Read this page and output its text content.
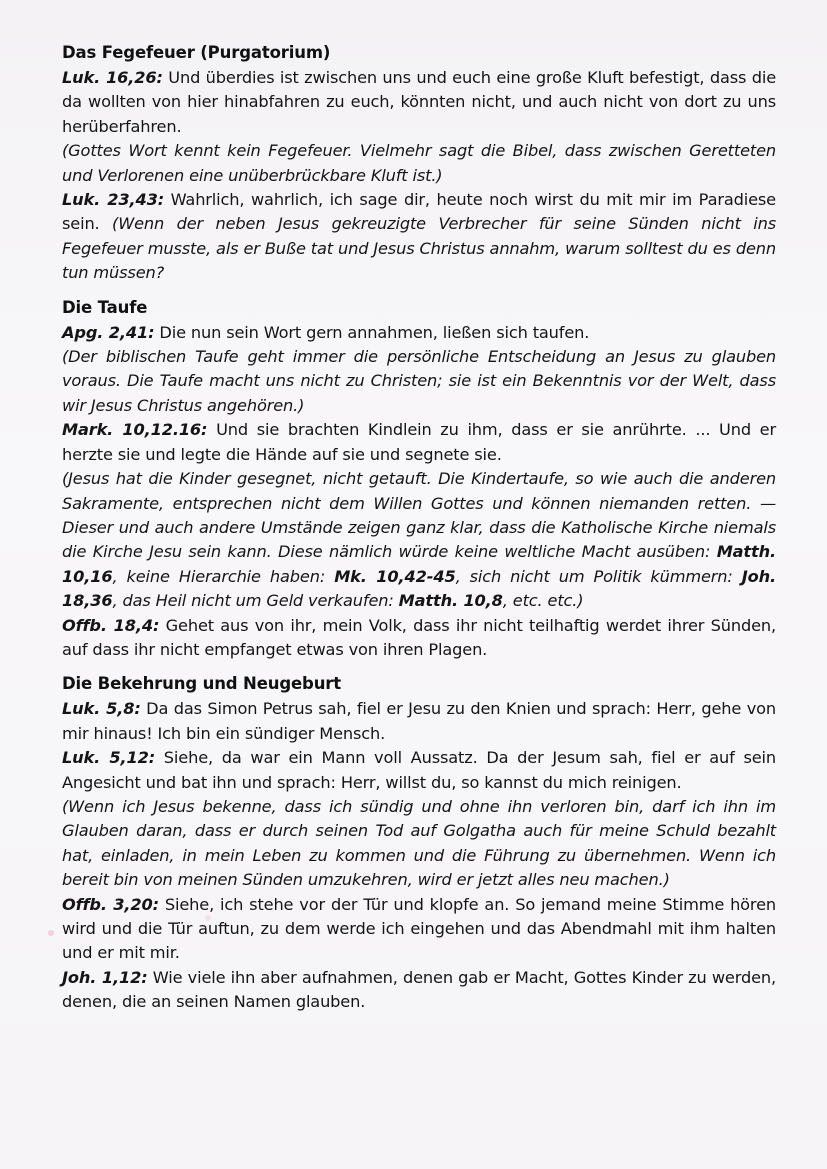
Das Fegefeuer (Purgatorium)

Luk. 16,26: Und überdies ist zwischen uns und euch eine große Kluft befestigt, dass die da wollten von hier hinabfahren zu euch, könnten nicht, und auch nicht von dort zu uns herüberfahren.

(Gottes Wort kennt kein Fegefeuer. Vielmehr sagt die Bibel, dass zwischen Geretteten und Verlorenen eine unüberbrückbare Kluft ist.)

Luk. 23,43: Wahrlich, wahrlich, ich sage dir, heute noch wirst du mit mir im Paradiese sein. (Wenn der neben Jesus gekreuzigte Verbrecher für seine Sünden nicht ins Fegefeuer musste, als er Buße tat und Jesus Christus annahm, warum solltest du es denn tun müssen?

Die Taufe

Apg. 2,41: Die nun sein Wort gern annahmen, ließen sich taufen.

(Der biblischen Taufe geht immer die persönliche Entscheidung an Jesus zu glauben voraus. Die Taufe macht uns nicht zu Christen; sie ist ein Bekenntnis vor der Welt, dass wir Jesus Christus angehören.)

Mark. 10,12.16: Und sie brachten Kindlein zu ihm, dass er sie anrührte. ... Und er herzte sie und legte die Hände auf sie und segnete sie.

(Jesus hat die Kinder gesegnet, nicht getauft. Die Kindertaufe, so wie auch die anderen Sakramente, entsprechen nicht dem Willen Gottes und können niemanden retten. — Dieser und auch andere Umstände zeigen ganz klar, dass die Katholische Kirche niemals die Kirche Jesu sein kann. Diese nämlich würde keine weltliche Macht ausüben: Matth. 10,16, keine Hierarchie haben: Mk. 10,42-45, sich nicht um Politik kümmern: Joh. 18,36, das Heil nicht um Geld verkaufen: Matth. 10,8, etc. etc.)

Offb. 18,4: Gehet aus von ihr, mein Volk, dass ihr nicht teilhaftig werdet ihrer Sünden, auf dass ihr nicht empfanget etwas von ihren Plagen.

Die Bekehrung und Neugeburt

Luk. 5,8: Da das Simon Petrus sah, fiel er Jesu zu den Knien und sprach: Herr, gehe von mir hinaus! Ich bin ein sündiger Mensch.

Luk. 5,12: Siehe, da war ein Mann voll Aussatz. Da der Jesum sah, fiel er auf sein Angesicht und bat ihn und sprach: Herr, willst du, so kannst du mich reinigen.

(Wenn ich Jesus bekenne, dass ich sündig und ohne ihn verloren bin, darf ich ihn im Glauben daran, dass er durch seinen Tod auf Golgatha auch für meine Schuld bezahlt hat, einladen, in mein Leben zu kommen und die Führung zu übernehmen. Wenn ich bereit bin von meinen Sünden umzukehren, wird er jetzt alles neu machen.)

Offb. 3,20: Siehe, ich stehe vor der Tür und klopfe an. So jemand meine Stimme hören wird und die Tür auftun, zu dem werde ich eingehen und das Abendmahl mit ihm halten und er mit mir.

Joh. 1,12: Wie viele ihn aber aufnahmen, denen gab er Macht, Gottes Kinder zu werden, denen, die an seinen Namen glauben.
